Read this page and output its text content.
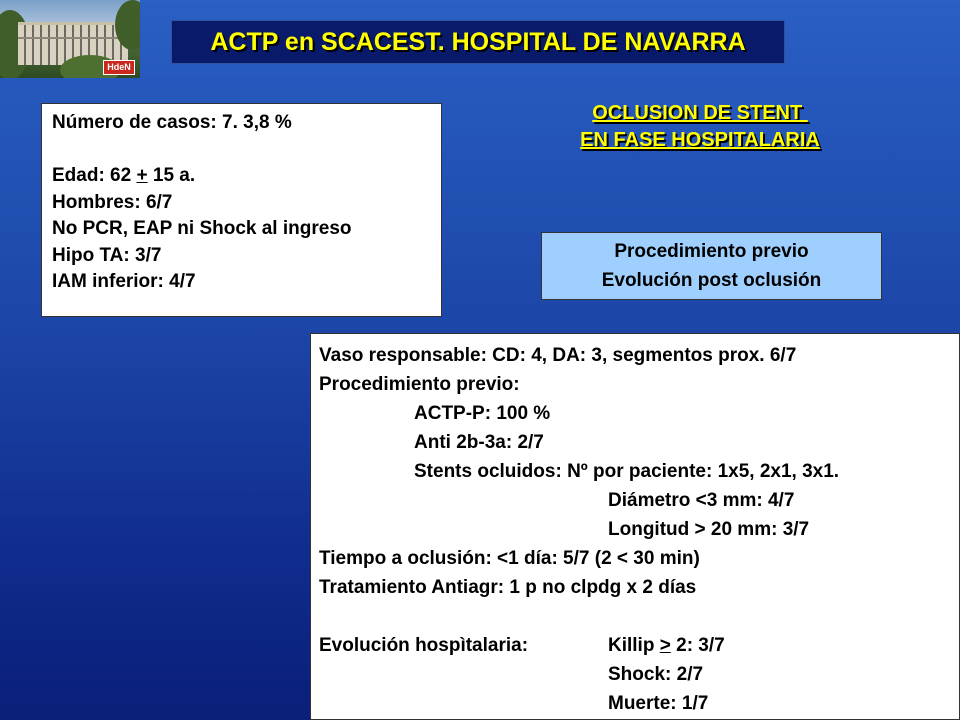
HdeN
ACTP en SCACEST. HOSPITAL DE NAVARRA
Número de casos: 7. 3,8 %
Edad: 62 + 15 a.
Hombres: 6/7
No PCR, EAP ni Shock al ingreso
Hipo TA: 3/7
IAM inferior: 4/7
OCLUSION DE STENT
EN FASE HOSPITALARIA
Procedimiento previo
Evolución post oclusión
Vaso responsable: CD: 4, DA: 3, segmentos prox. 6/7
Procedimiento previo:
ACTP-P: 100 %
Anti 2b-3a: 2/7
Stents ocluidos: Nº por paciente: 1x5, 2x1, 3x1.
Diámetro <3 mm: 4/7
Longitud > 20 mm: 3/7
Tiempo a oclusión: <1 día: 5/7 (2 < 30 min)
Tratamiento Antiagr: 1 p no clpdg x 2 días
Evolución hospìtalaria:	Killip ≥ 2: 3/7
Shock: 2/7
Muerte: 1/7
